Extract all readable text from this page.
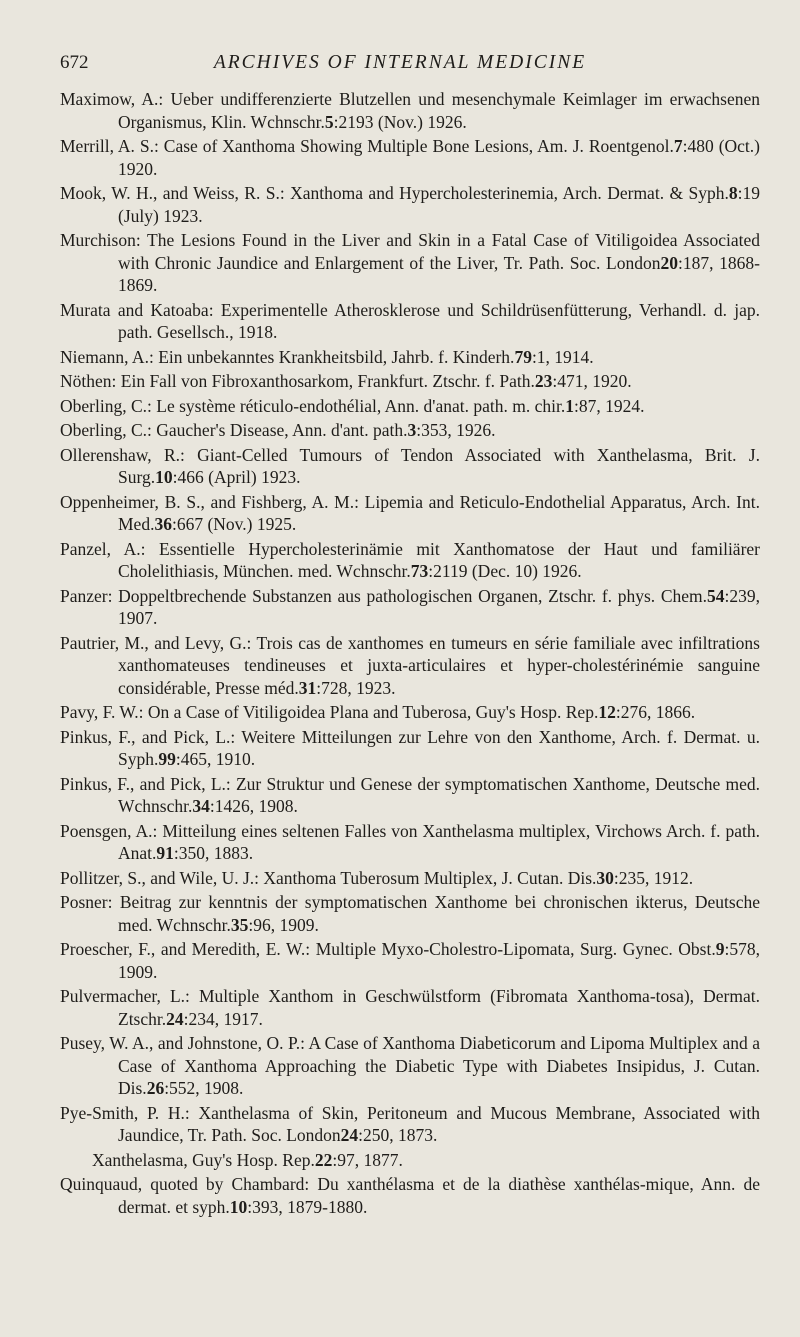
672	ARCHIVES OF INTERNAL MEDICINE

Maximow, A.: Ueber undifferenzierte Blutzellen und mesenchymale Keimlager im erwachsenen Organismus, Klin. Wchnschr.5:2193 (Nov.) 1926.

Merrill, A. S.: Case of Xanthoma Showing Multiple Bone Lesions, Am. J. Roentgenol.7:480 (Oct.) 1920.

Mook, W. H., and Weiss, R. S.: Xanthoma and Hypercholesterinemia, Arch. Dermat. & Syph.8:19 (July) 1923.

Murchison: The Lesions Found in the Liver and Skin in a Fatal Case of Vitiligoidea Associated with Chronic Jaundice and Enlargement of the Liver, Tr. Path. Soc. London20:187, 1868-1869.

Murata and Katoaba: Experimentelle Atherosklerose und Schildrüsenfütterung, Verhandl. d. jap. path. Gesellsch., 1918.

Niemann, A.: Ein unbekanntes Krankheitsbild, Jahrb. f. Kinderh.79:1, 1914.

Nöthen: Ein Fall von Fibroxanthosarkom, Frankfurt. Ztschr. f. Path.23:471, 1920.

Oberling, C.: Le système réticulo-endothélial, Ann. d'anat. path. m. chir.1:87, 1924.

Oberling, C.: Gaucher's Disease, Ann. d'ant. path.3:353, 1926.

Ollerenshaw, R.: Giant-Celled Tumours of Tendon Associated with Xanthelasma, Brit. J. Surg.10:466 (April) 1923.

Oppenheimer, B. S., and Fishberg, A. M.: Lipemia and Reticulo-Endothelial Apparatus, Arch. Int. Med.36:667 (Nov.) 1925.

Panzel, A.: Essentielle Hypercholesterinämie mit Xanthomatose der Haut und familiärer Cholelithiasis, München. med. Wchnschr.73:2119 (Dec. 10) 1926.

Panzer: Doppeltbrechende Substanzen aus pathologischen Organen, Ztschr. f. phys. Chem.54:239, 1907.

Pautrier, M., and Levy, G.: Trois cas de xanthomes en tumeurs en série familiale avec infiltrations xanthomateuses tendineuses et juxta-articulaires et hyper-cholestérinémie sanguine considérable, Presse méd.31:728, 1923.

Pavy, F. W.: On a Case of Vitiligoidea Plana and Tuberosa, Guy's Hosp. Rep.12:276, 1866.

Pinkus, F., and Pick, L.: Weitere Mitteilungen zur Lehre von den Xanthome, Arch. f. Dermat. u. Syph.99:465, 1910.

Pinkus, F., and Pick, L.: Zur Struktur und Genese der symptomatischen Xanthome, Deutsche med. Wchnschr.34:1426, 1908.

Poensgen, A.: Mitteilung eines seltenen Falles von Xanthelasma multiplex, Virchows Arch. f. path. Anat.91:350, 1883.

Pollitzer, S., and Wile, U. J.: Xanthoma Tuberosum Multiplex, J. Cutan. Dis.30:235, 1912.

Posner: Beitrag zur kenntnis der symptomatischen Xanthome bei chronischen ikterus, Deutsche med. Wchnschr.35:96, 1909.

Proescher, F., and Meredith, E. W.: Multiple Myxo-Cholestro-Lipomata, Surg. Gynec. Obst.9:578, 1909.

Pulvermacher, L.: Multiple Xanthom in Geschwülstform (Fibromata Xanthoma-tosa), Dermat. Ztschr.24:234, 1917.

Pusey, W. A., and Johnstone, O. P.: A Case of Xanthoma Diabeticorum and Lipoma Multiplex and a Case of Xanthoma Approaching the Diabetic Type with Diabetes Insipidus, J. Cutan. Dis.26:552, 1908.

Pye-Smith, P. H.: Xanthelasma of Skin, Peritoneum and Mucous Membrane, Associated with Jaundice, Tr. Path. Soc. London24:250, 1873.

Xanthelasma, Guy's Hosp. Rep.22:97, 1877.

Quinquaud, quoted by Chambard: Du xanthélasma et de la diathèse xanthélas-mique, Ann. de dermat. et syph.10:393, 1879-1880.
